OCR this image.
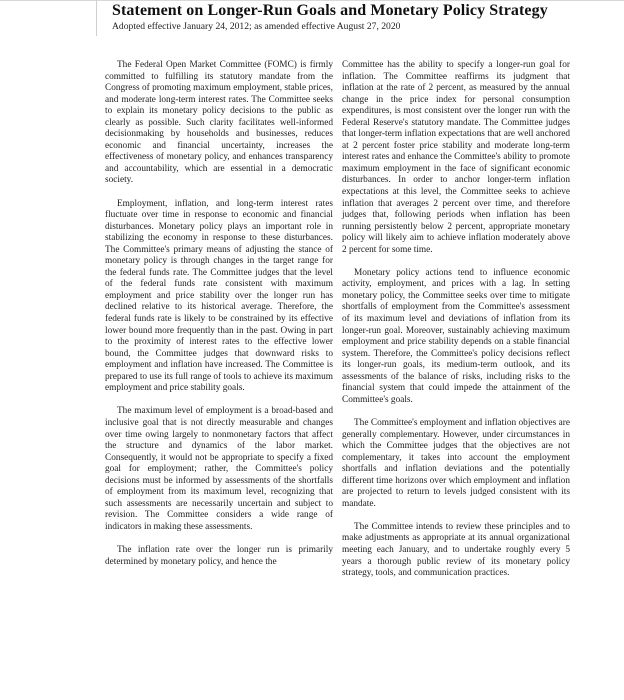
Statement on Longer-Run Goals and Monetary Policy Strategy
Adopted effective January 24, 2012; as amended effective August 27, 2020

The Federal Open Market Committee (FOMC) is firmly committed to fulfilling its statutory mandate from the Congress of promoting maximum employment, stable prices, and moderate long-term interest rates. The Committee seeks to explain its monetary policy decisions to the public as clearly as possible. Such clarity facilitates well-informed decisionmaking by households and businesses, reduces economic and financial uncertainty, increases the effectiveness of monetary policy, and enhances transparency and accountability, which are essential in a democratic society.

Employment, inflation, and long-term interest rates fluctuate over time in response to economic and financial disturbances. Monetary policy plays an important role in stabilizing the economy in response to these disturbances. The Committee's primary means of adjusting the stance of monetary policy is through changes in the target range for the federal funds rate. The Committee judges that the level of the federal funds rate consistent with maximum employment and price stability over the longer run has declined relative to its historical average. Therefore, the federal funds rate is likely to be constrained by its effective lower bound more frequently than in the past. Owing in part to the proximity of interest rates to the effective lower bound, the Committee judges that downward risks to employment and inflation have increased. The Committee is prepared to use its full range of tools to achieve its maximum employment and price stability goals.

The maximum level of employment is a broad-based and inclusive goal that is not directly measurable and changes over time owing largely to nonmonetary factors that affect the structure and dynamics of the labor market. Consequently, it would not be appropriate to specify a fixed goal for employment; rather, the Committee's policy decisions must be informed by assessments of the shortfalls of employment from its maximum level, recognizing that such assessments are necessarily uncertain and subject to revision. The Committee considers a wide range of indicators in making these assessments.

The inflation rate over the longer run is primarily determined by monetary policy, and hence the

Committee has the ability to specify a longer-run goal for inflation. The Committee reaffirms its judgment that inflation at the rate of 2 percent, as measured by the annual change in the price index for personal consumption expenditures, is most consistent over the longer run with the Federal Reserve's statutory mandate. The Committee judges that longer-term inflation expectations that are well anchored at 2 percent foster price stability and moderate long-term interest rates and enhance the Committee's ability to promote maximum employment in the face of significant economic disturbances. In order to anchor longer-term inflation expectations at this level, the Committee seeks to achieve inflation that averages 2 percent over time, and therefore judges that, following periods when inflation has been running persistently below 2 percent, appropriate monetary policy will likely aim to achieve inflation moderately above 2 percent for some time.

Monetary policy actions tend to influence economic activity, employment, and prices with a lag. In setting monetary policy, the Committee seeks over time to mitigate shortfalls of employment from the Committee's assessment of its maximum level and deviations of inflation from its longer-run goal. Moreover, sustainably achieving maximum employment and price stability depends on a stable financial system. Therefore, the Committee's policy decisions reflect its longer-run goals, its medium-term outlook, and its assessments of the balance of risks, including risks to the financial system that could impede the attainment of the Committee's goals.

The Committee's employment and inflation objectives are generally complementary. However, under circumstances in which the Committee judges that the objectives are not complementary, it takes into account the employment shortfalls and inflation deviations and the potentially different time horizons over which employment and inflation are projected to return to levels judged consistent with its mandate.

The Committee intends to review these principles and to make adjustments as appropriate at its annual organizational meeting each January, and to undertake roughly every 5 years a thorough public review of its monetary policy strategy, tools, and communication practices.
